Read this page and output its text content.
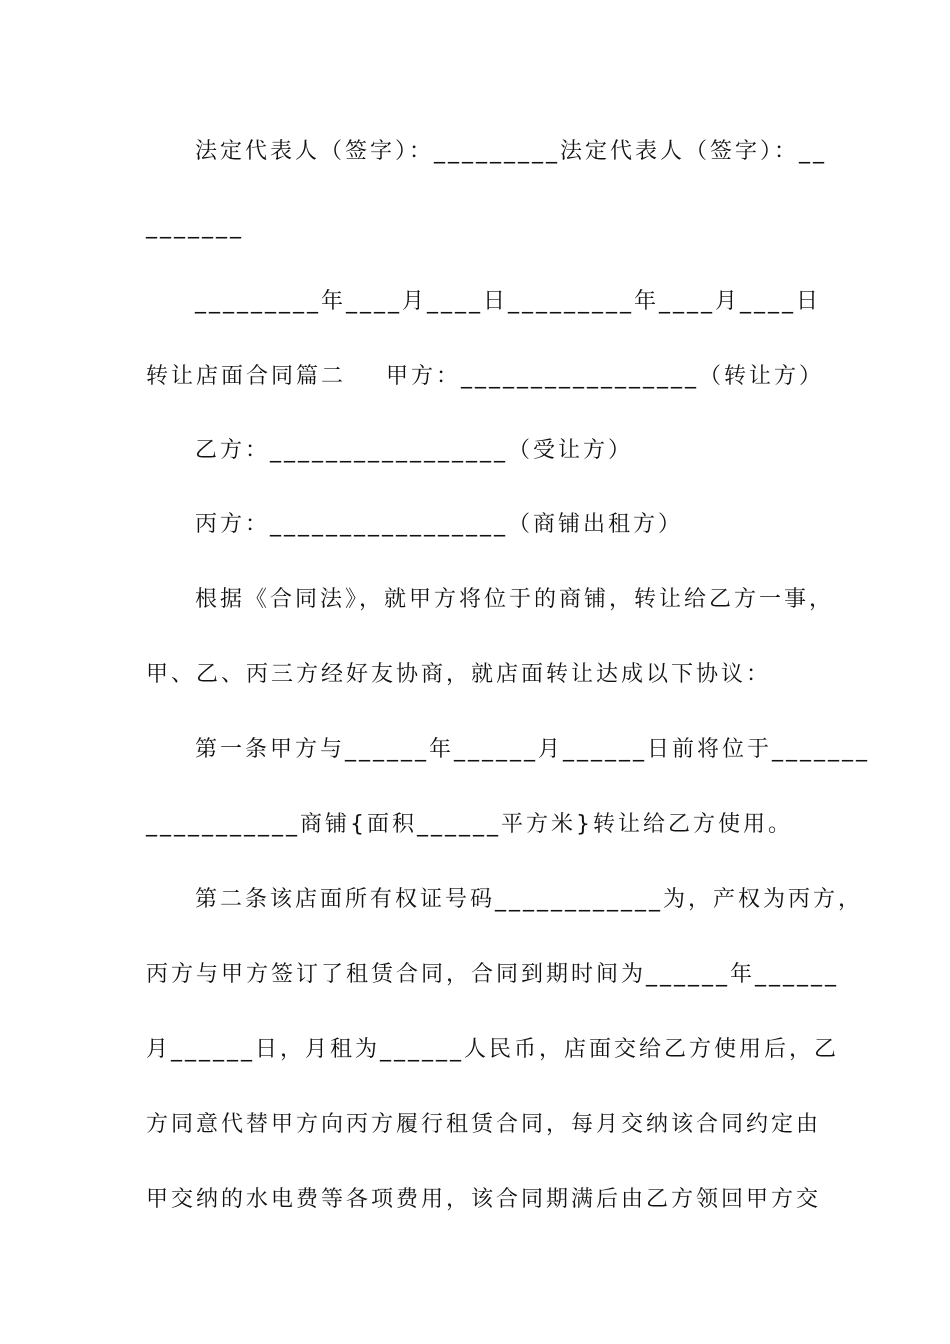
法定代表人（签字）：_________法定代表人（签字）：__
_______
_________年____月____日_________年____月____日
转让店面合同篇二    甲方：_________________（转让方）
乙方：_________________（受让方）
丙方：_________________（商铺出租方）
根据《合同法》，就甲方将位于的商铺，转让给乙方一事，
甲、乙、丙三方经好友协商，就店面转让达成以下协议：
第一条甲方与______年______月______日前将位于_______
___________商铺{面积______平方米}转让给乙方使用。
第二条该店面所有权证号码____________为，产权为丙方，
丙方与甲方签订了租赁合同，合同到期时间为______年______
月______日，月租为______人民币，店面交给乙方使用后，乙
方同意代替甲方向丙方履行租赁合同，每月交纳该合同约定由
甲交纳的水电费等各项费用，该合同期满后由乙方领回甲方交
